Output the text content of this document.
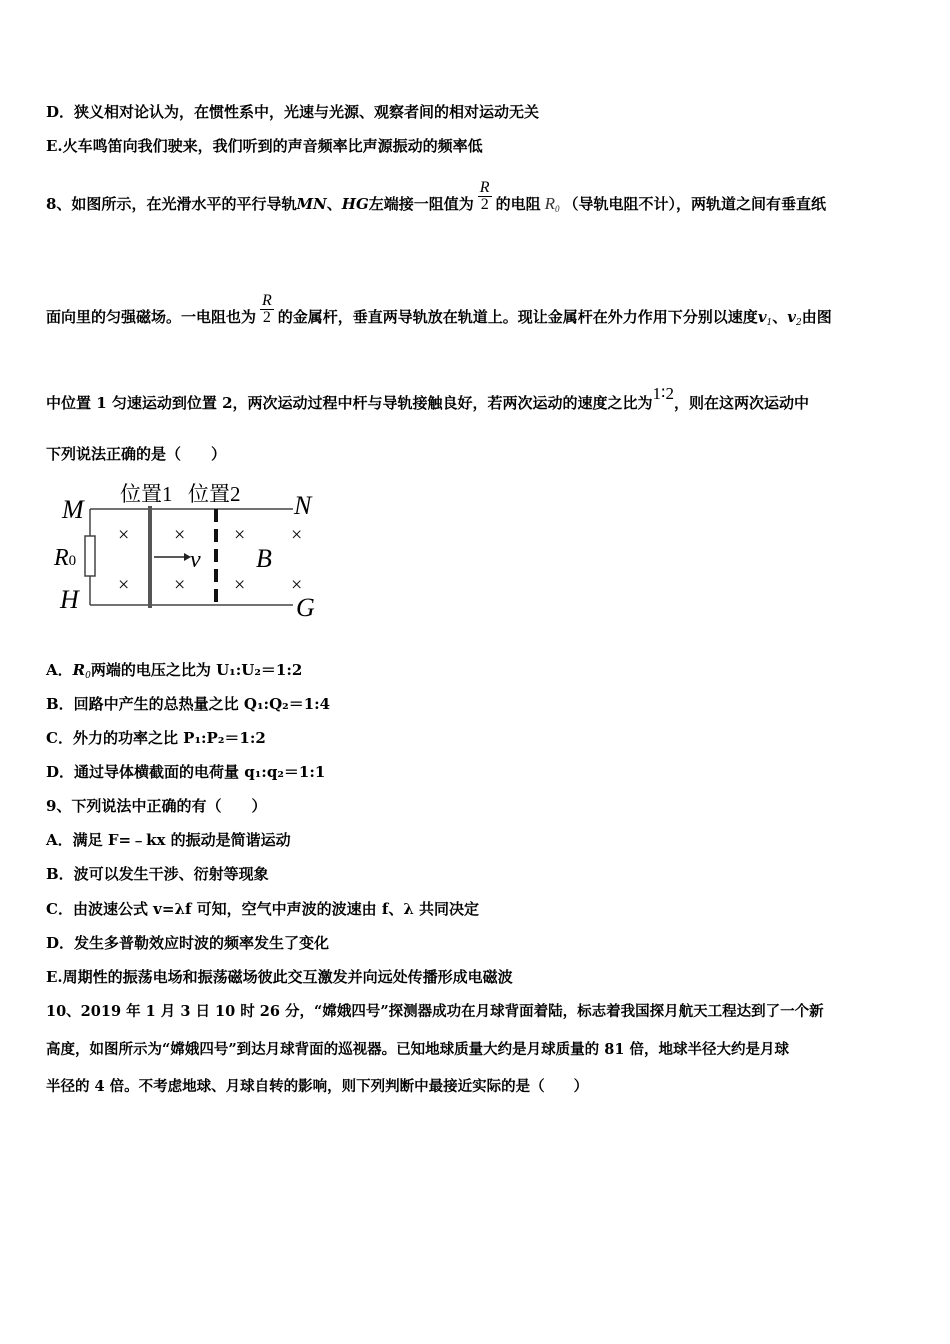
D．狭义相对论认为，在惯性系中，光速与光源、观察者间的相对运动无关
E.火车鸣笛向我们驶来，我们听到的声音频率比声源振动的频率低
8、如图所示，在光滑水平的平行导轨MN、HG左端接一阻值为 $\frac{R}{2}$ 的电阻 $R_0$ （导轨电阻不计），两轨道之间有垂直纸
面向里的匀强磁场。一电阻也为 $\frac{R}{2}$ 的金属杆，垂直两导轨放在轨道上。现让金属杆在外力作用下分别以速度$v_1$、$v_2$由图
中位置 1 匀速运动到位置 2，两次运动过程中杆与导轨接触良好，若两次运动的速度之比为1∶2，则在这两次运动中
下列说法正确的是（　　）
M	N
H	G
R0
位置1 位置2
v B
×
×
×
×
×
×
×
×
A．$R_0$两端的电压之比为 U₁:U₂＝1:2
B．回路中产生的总热量之比 Q₁:Q₂＝1:4
C．外力的功率之比 P₁:P₂＝1:2
D．通过导体横截面的电荷量 q₁:q₂＝1:1
9、下列说法中正确的有（　　）
A．满足 F=﹣kx 的振动是简谐运动
B．波可以发生干涉、衍射等现象
C．由波速公式 v=λf 可知，空气中声波的波速由 f、λ 共同决定
D．发生多普勒效应时波的频率发生了变化
E.周期性的振荡电场和振荡磁场彼此交互激发并向远处传播形成电磁波
10、2019 年 1 月 3 日 10 时 26 分，“嫦娥四号”探测器成功在月球背面着陆，标志着我国探月航天工程达到了一个新
高度，如图所示为“嫦娥四号”到达月球背面的巡视器。已知地球质量大约是月球质量的 81 倍，地球半径大约是月球
半径的 4 倍。不考虑地球、月球自转的影响，则下列判断中最接近实际的是（　　）
